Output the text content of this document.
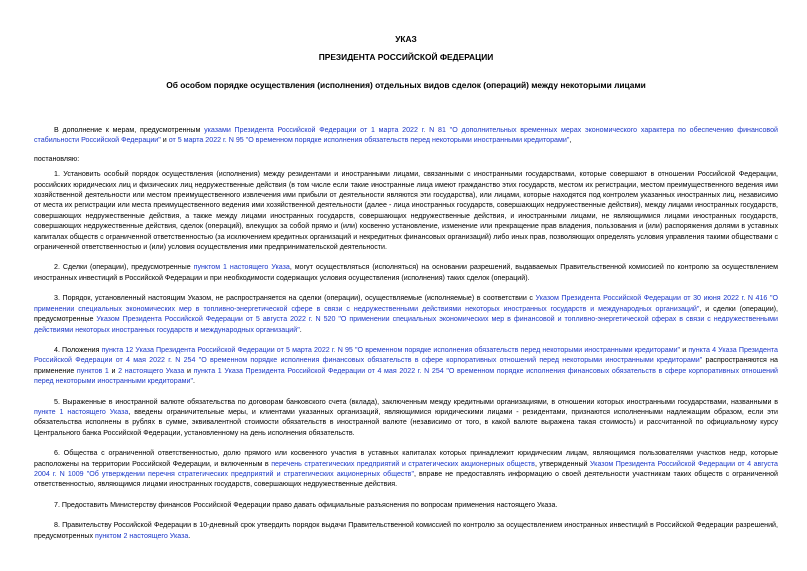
УКАЗ
ПРЕЗИДЕНТА РОССИЙСКОЙ ФЕДЕРАЦИИ
Об особом порядке осуществления (исполнения) отдельных видов сделок (операций) между некоторыми лицами

В дополнение к мерам, предусмотренным указами Президента Российской Федерации от 1 марта 2022 г. N 81 "О дополнительных временных мерах экономического характера по обеспечению финансовой стабильности Российской Федерации" и от 5 марта 2022 г. N 95 "О временном порядке исполнения обязательств перед некоторыми иностранными кредиторами",

постановляю:

1. Установить особый порядок осуществления (исполнения) между резидентами и иностранными лицами, связанными с иностранными государствами, которые совершают в отношении Российской Федерации, российских юридических лиц и физических лиц недружественные действия (в том числе если такие иностранные лица имеют гражданство этих государств, местом их регистрации, местом преимущественного ведения ими хозяйственной деятельности или местом преимущественного извлечения ими прибыли от деятельности являются эти государства), или лицами, которые находятся под контролем указанных иностранных лиц, независимо от места их регистрации или места преимущественного ведения ими хозяйственной деятельности (далее - лица иностранных государств, совершающих недружественные действия), между лицами иностранных государств, совершающих недружественные действия, а также между лицами иностранных государств, совершающих недружественные действия, и иностранными лицами, не являющимися лицами иностранных государств, совершающих недружественные действия, сделок (операций), влекущих за собой прямо и (или) косвенно установление, изменение или прекращение прав владения, пользования и (или) распоряжения долями в уставных капиталах обществ с ограниченной ответственностью (за исключением кредитных организаций и некредитных финансовых организаций) либо иных прав, позволяющих определять условия управления такими обществами с ограниченной ответственностью и (или) условия осуществления ими предпринимательской деятельности.

2. Сделки (операции), предусмотренные пунктом 1 настоящего Указа, могут осуществляться (исполняться) на основании разрешений, выдаваемых Правительственной комиссией по контролю за осуществлением иностранных инвестиций в Российской Федерации и при необходимости содержащих условия осуществления (исполнения) таких сделок (операций).

3. Порядок, установленный настоящим Указом, не распространяется на сделки (операции), осуществляемые (исполняемые) в соответствии с Указом Президента Российской Федерации от 30 июня 2022 г. N 416 "О применении специальных экономических мер в топливно-энергетической сфере в связи с недружественными действиями некоторых иностранных государств и международных организаций", и сделки (операции), предусмотренные Указом Президента Российской Федерации от 5 августа 2022 г. N 520 "О применении специальных экономических мер в финансовой и топливно-энергетической сферах в связи с недружественными действиями некоторых иностранных государств и международных организаций".

4. Положения пункта 12 Указа Президента Российской Федерации от 5 марта 2022 г. N 95 "О временном порядке исполнения обязательств перед некоторыми иностранными кредиторами" и пункта 4 Указа Президента Российской Федерации от 4 мая 2022 г. N 254 "О временном порядке исполнения финансовых обязательств в сфере корпоративных отношений перед некоторыми иностранными кредиторами" распространяются на применение пунктов 1 и 2 настоящего Указа и пункта 1 Указа Президента Российской Федерации от 4 мая 2022 г. N 254 "О временном порядке исполнения финансовых обязательств в сфере корпоративных отношений перед некоторыми иностранными кредиторами".

5. Выраженные в иностранной валюте обязательства по договорам банковского счета (вклада), заключенным между кредитными организациями, в отношении которых иностранными государствами, названными в пункте 1 настоящего Указа, введены ограничительные меры, и клиентами указанных организаций, являющимися юридическими лицами - резидентами, признаются исполненными надлежащим образом, если эти обязательства исполнены в рублях в сумме, эквивалентной стоимости обязательств в иностранной валюте (независимо от того, в какой валюте выражена такая стоимость) и рассчитанной по официальному курсу Центрального банка Российской Федерации, установленному на день исполнения обязательств.

6. Общества с ограниченной ответственностью, долю прямого или косвенного участия в уставных капиталах которых принадлежит юридическим лицам, являющимся пользователями участков недр, которые расположены на территории Российской Федерации, и включенным в перечень стратегических предприятий и стратегических акционерных обществ, утвержденный Указом Президента Российской Федерации от 4 августа 2004 г. N 1009 "Об утверждении перечня стратегических предприятий и стратегических акционерных обществ", вправе не предоставлять информацию о своей деятельности участникам таких обществ с ограниченной ответственностью, являющимся лицами иностранных государств, совершающих недружественные действия.

7. Предоставить Министерству финансов Российской Федерации право давать официальные разъяснения по вопросам применения настоящего Указа.

8. Правительству Российской Федерации в 10-дневный срок утвердить порядок выдачи Правительственной комиссией по контролю за осуществлением иностранных инвестиций в Российской Федерации разрешений, предусмотренных пунктом 2 настоящего Указа.
